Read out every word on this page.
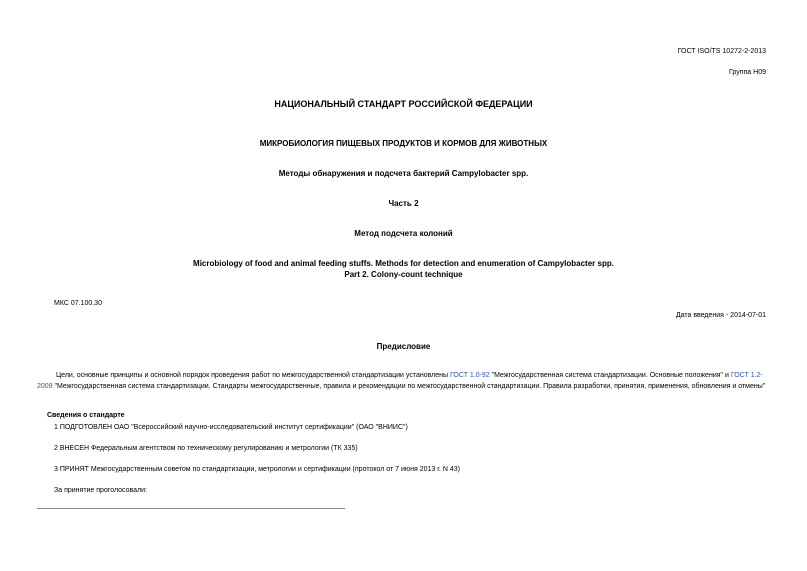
ГОСТ ISO/TS 10272-2-2013
Группа Н09
НАЦИОНАЛЬНЫЙ СТАНДАРТ РОССИЙСКОЙ ФЕДЕРАЦИИ
МИКРОБИОЛОГИЯ ПИЩЕВЫХ ПРОДУКТОВ И КОРМОВ ДЛЯ ЖИВОТНЫХ
Методы обнаружения и подсчета бактерий Campylobacter spp.
Часть 2
Метод подсчета колоний
Microbiology of food and animal feeding stuffs. Methods for detection and enumeration of Campylobacter spp.
Part 2. Colony-count technique
МКС 07.100.30
Дата введения - 2014-07-01
Предисловие
Цели, основные принципы и основной порядок проведения работ по межгосударственной стандартизации установлены ГОСТ 1.0-92 "Межгосударственная система стандартизации. Основные положения" и ГОСТ 1.2-2009 "Межгосударственная система стандартизации. Стандарты межгосударственные, правила и рекомендации по межгосударственной стандартизации. Правила разработки, принятия, применения, обновления и отмены"
Сведения о стандарте
1 ПОДГОТОВЛЕН ОАО "Всероссийский научно-исследовательский институт сертификации" (ОАО "ВНИИС")
2 ВНЕСЕН Федеральным агентством по техническому регулированию и метрологии (ТК 335)
3 ПРИНЯТ Межгосударственным советом по стандартизации, метрологии и сертификации (протокол от 7 июня 2013 г. N 43)
За принятие проголосовали:
